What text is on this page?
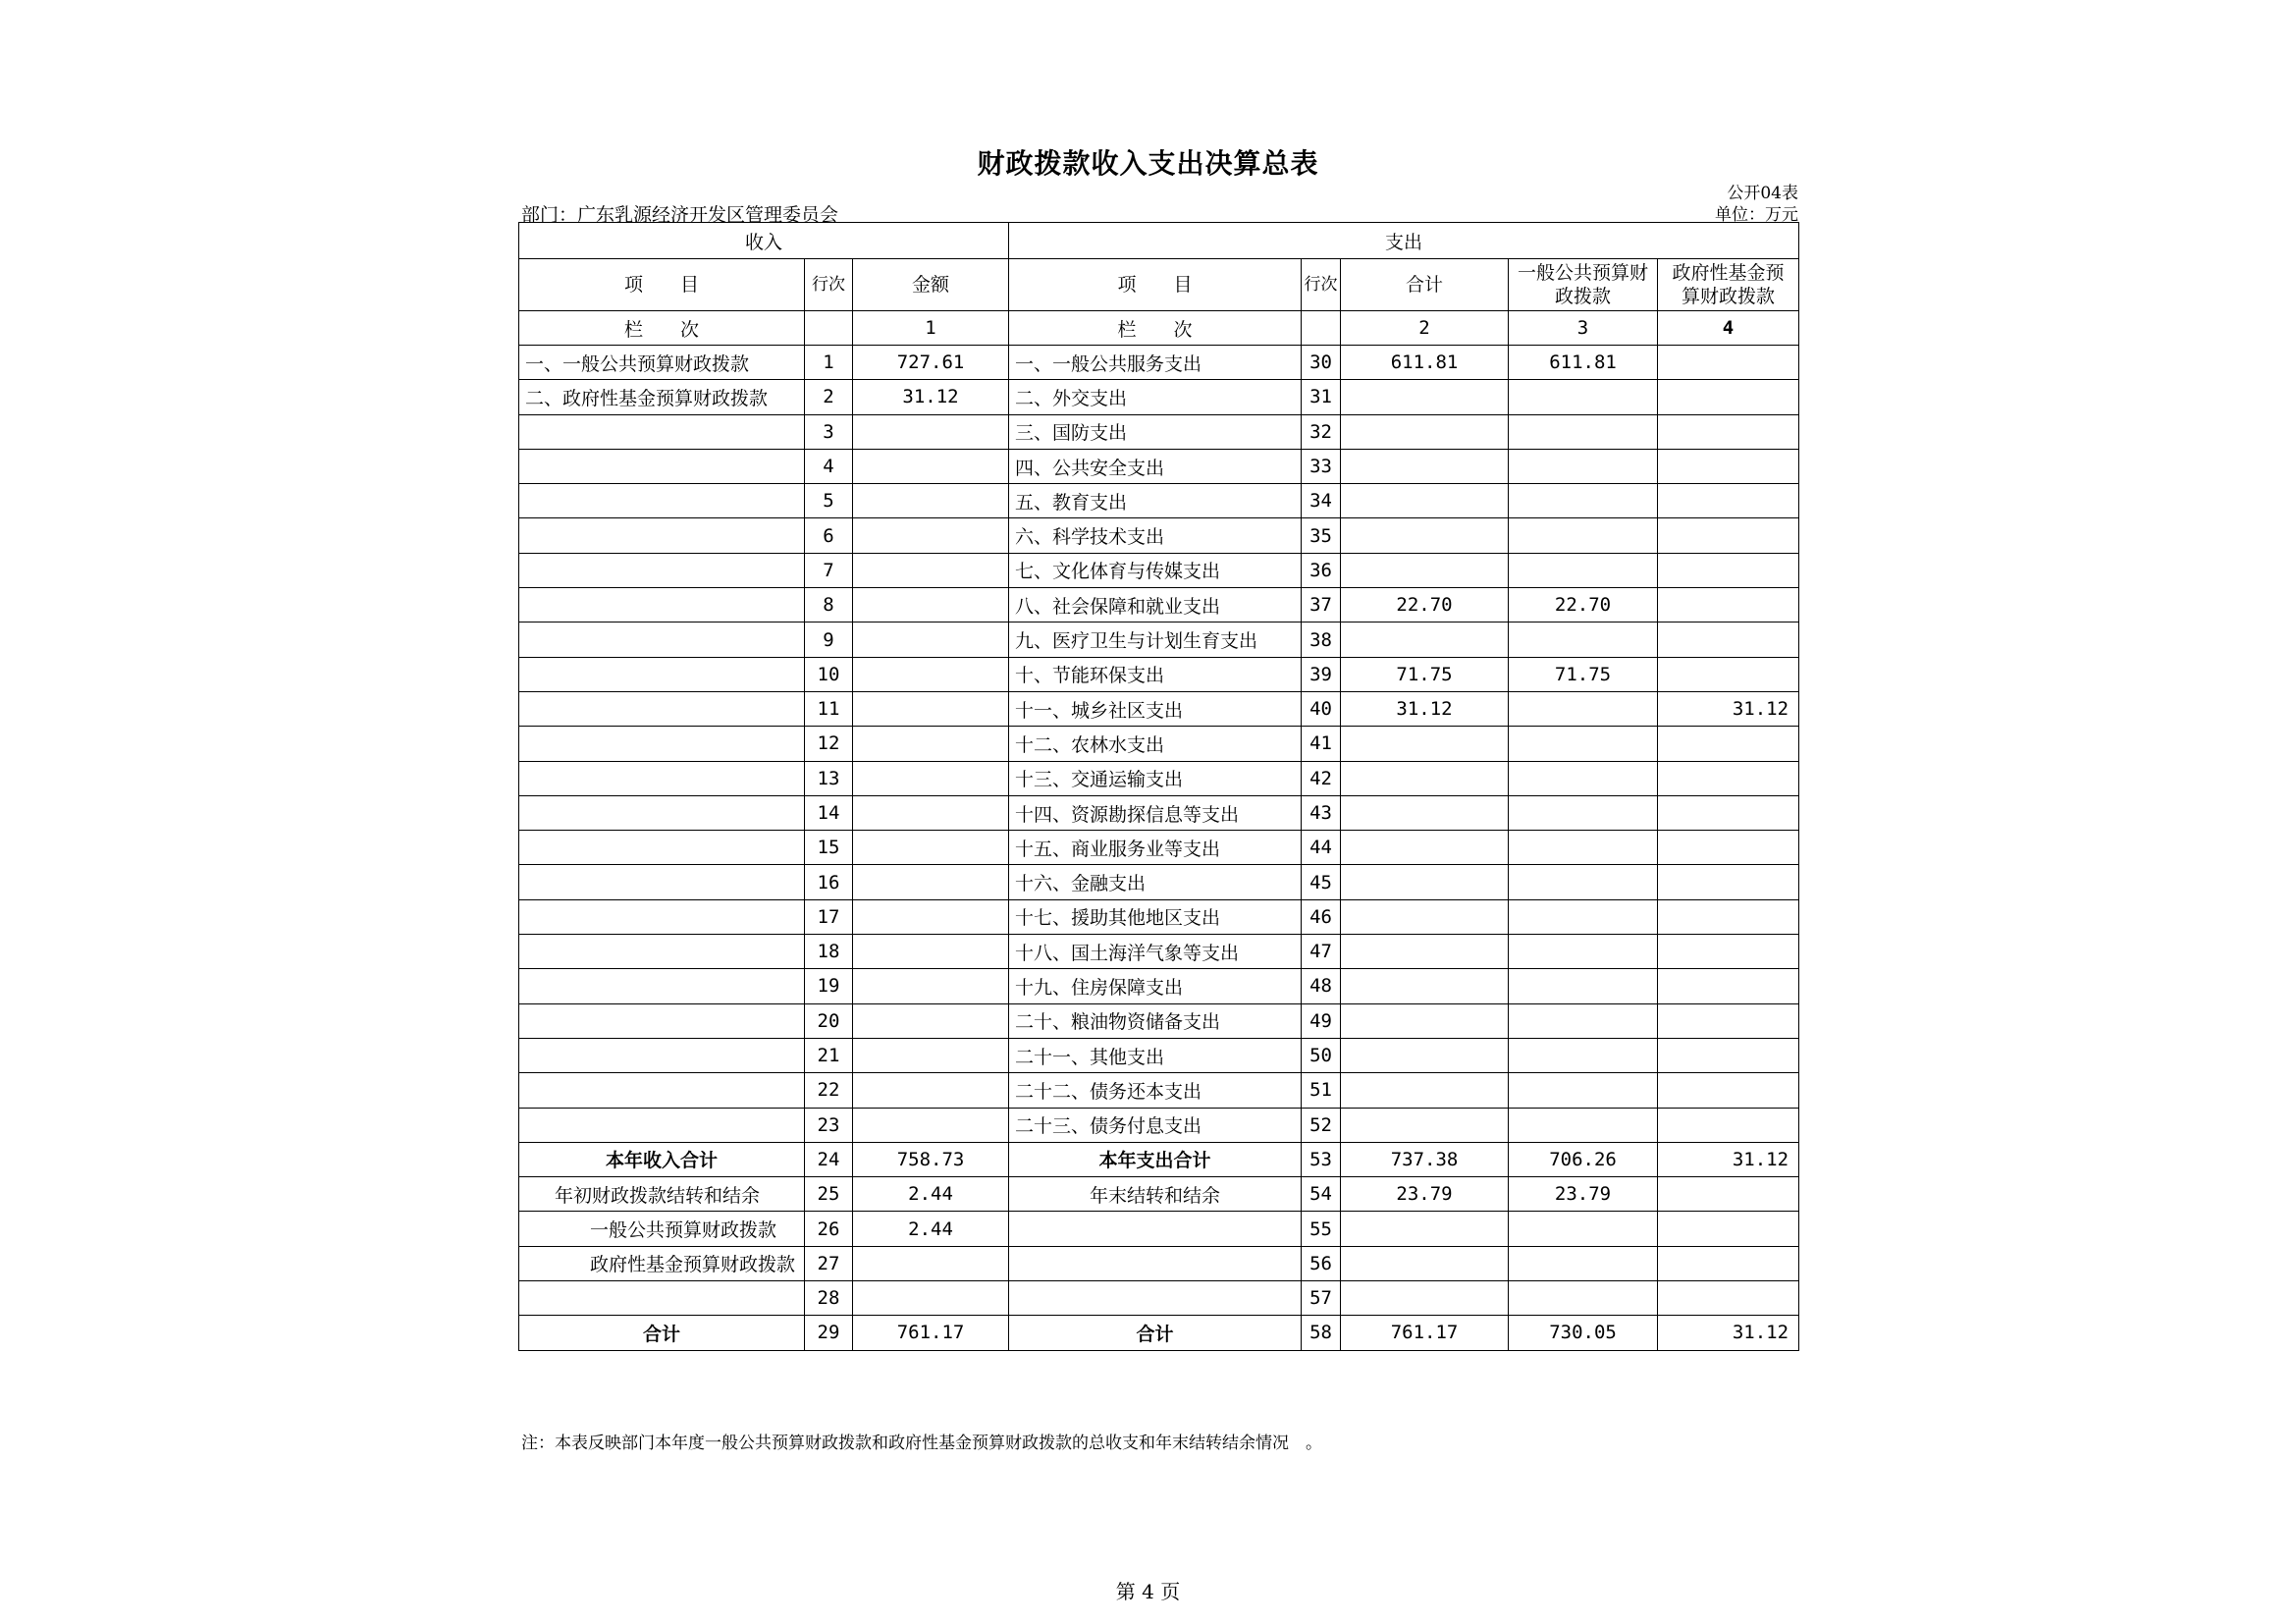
财政拨款收入支出决算总表
公开04表
单位：万元
部门：广东乳源经济开发区管理委员会
收入			支出				
项　　目	行次	金额	项　　目	行次	合计	一般公共预算财政拨款	政府性基金预算财政拨款
栏　　次		1	栏　　次		2	3	4
一、一般公共预算财政拨款	1	727.61	一、一般公共服务支出	30	611.81	611.81	
二、政府性基金预算财政拨款	2	31.12	二、外交支出	31			
	3		三、国防支出	32			
	4		四、公共安全支出	33			
	5		五、教育支出	34			
	6		六、科学技术支出	35			
	7		七、文化体育与传媒支出	36			
	8		八、社会保障和就业支出	37	22.70	22.70	
	9		九、医疗卫生与计划生育支出	38			
	10		十、节能环保支出	39	71.75	71.75	
	11		十一、城乡社区支出	40	31.12		31.12
	12		十二、农林水支出	41			
	13		十三、交通运输支出	42			
	14		十四、资源勘探信息等支出	43			
	15		十五、商业服务业等支出	44			
	16		十六、金融支出	45			
	17		十七、援助其他地区支出	46			
	18		十八、国土海洋气象等支出	47			
	19		十九、住房保障支出	48			
	20		二十、粮油物资储备支出	49			
	21		二十一、其他支出	50			
	22		二十二、债务还本支出	51			
	23		二十三、债务付息支出	52			
本年收入合计	24	758.73	本年支出合计	53	737.38	706.26	31.12
年初财政拨款结转和结余	25	2.44	年末结转和结余	54	23.79	23.79	
一般公共预算财政拨款	26	2.44		55			
政府性基金预算财政拨款	27			56			
	28			57			
合计	29	761.17	合计	58	761.17	730.05	31.12
注：本表反映部门本年度一般公共预算财政拨款和政府性基金预算财政拨款的总收支和年末结转结余情况　。
第 4 页
